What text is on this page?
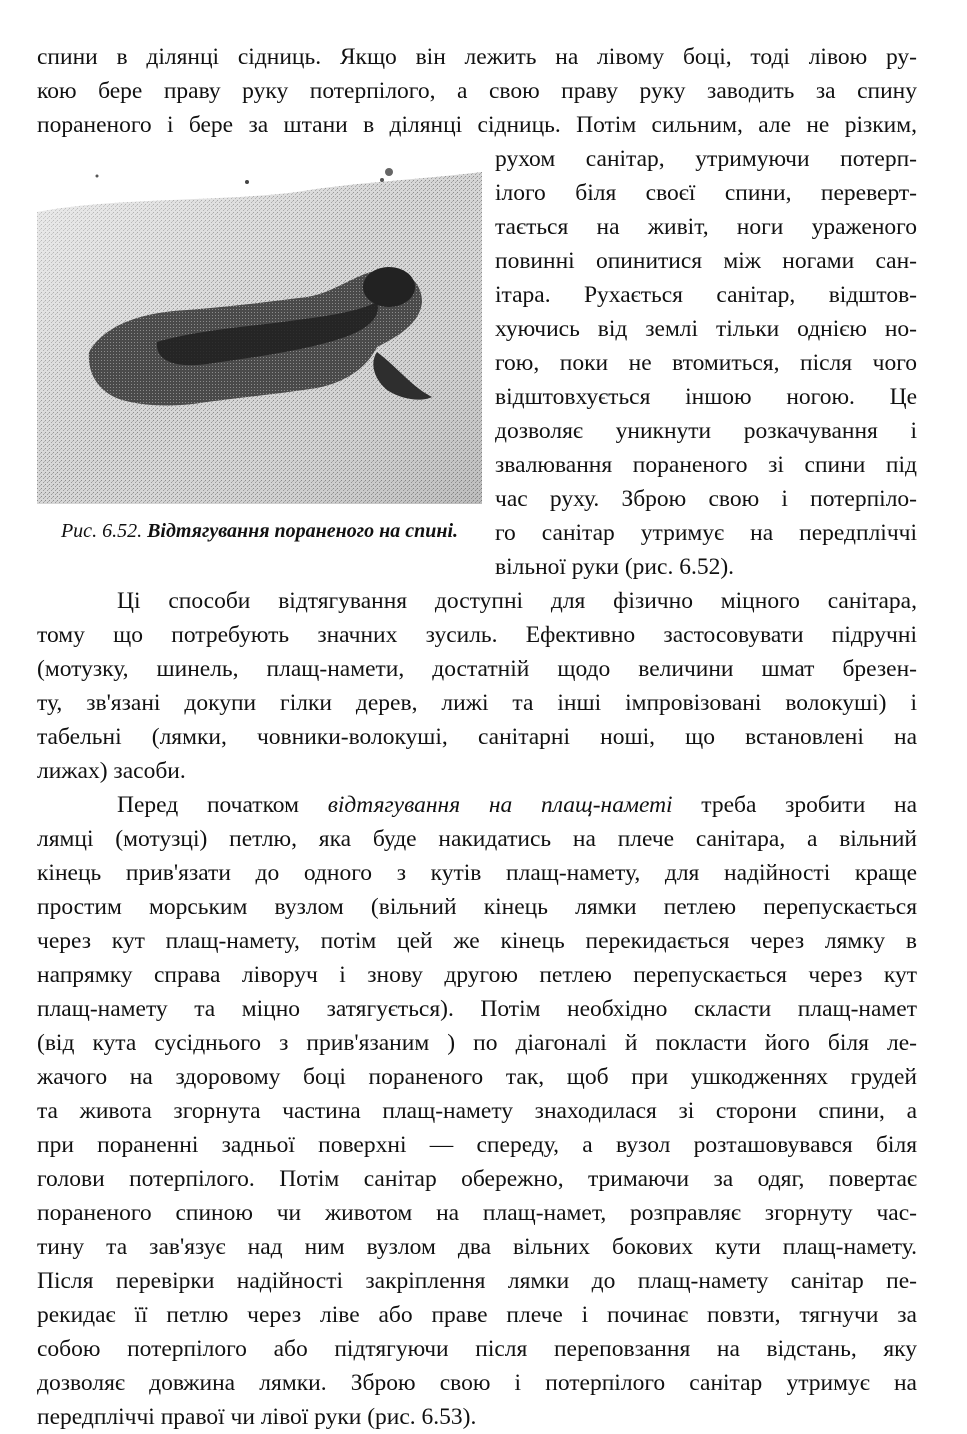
спини в ділянці сідниць. Якщо він лежить на лівому боці, тоді лівою ру-
кою бере праву руку потерпілого, а свою праву руку заводить за спину
пораненого і бере за штани в ділянці сідниць. Потім сильним, але не різким,
рухом санітар, утримуючи потерп-
ілого біля своєї спини, переверт-
тається на живіт, ноги ураженого
повинні опинитися між ногами сан-
ітара. Рухається санітар, відштов-
хуючись від землі тільки однією но-
гою, поки не втомиться, після чого
відштовхується іншою ногою. Це
дозволяє уникнути розкачування і
звалювання пораненого зі спини під
час руху. Зброю свою і потерпіло-
го санітар утримує на передпліччі
вільної руки (рис. 6.52).
Рис. 6.52. Відтягування пораненого на спині.
Ці способи відтягування доступні для фізично міцного санітара,
тому що потребують значних зусиль. Ефективно застосовувати підручні
(мотузку, шинель, плащ-намети, достатній щодо величини шмат брезен-
ту, зв'язані докупи гілки дерев, лижі та інші імпровізовані волокуші) і
табельні (лямки, човники-волокуші, санітарні ноші, що встановлені на
лижах) засоби.
Перед початком відтягування на плащ-наметі треба зробити на
лямці (мотузці) петлю, яка буде накидатись на плече санітара, а вільний
кінець прив'язати до одного з кутів плащ-намету, для надійності краще
простим морським вузлом (вільний кінець лямки петлею перепускається
через кут плащ-намету, потім цей же кінець перекидається через лямку в
напрямку справа ліворуч і знову другою петлею перепускається через кут
плащ-намету та міцно затягується). Потім необхідно скласти плащ-намет
(від кута сусіднього з прив'язаним ) по діагоналі й покласти його біля ле-
жачого на здоровому боці пораненого так, щоб при ушкодженнях грудей
та живота згорнута частина плащ-намету знаходилася зі сторони спини, а
при пораненні задньої поверхні — спереду, а вузол розташовувався біля
голови потерпілого. Потім санітар обережно, тримаючи за одяг, повертає
пораненого спиною чи животом на плащ-намет, розправляє згорнуту час-
тину та зав'язує над ним вузлом два вільних бокових кути плащ-намету.
Після перевірки надійності закріплення лямки до плащ-намету санітар пе-
рекидає її петлю через ліве або праве плече і починає повзти, тягнучи за
собою потерпілого або підтягуючи після переповзання на відстань, яку
дозволяє довжина лямки. Зброю свою і потерпілого санітар утримує на
передпліччі правої чи лівої руки (рис. 6.53).
